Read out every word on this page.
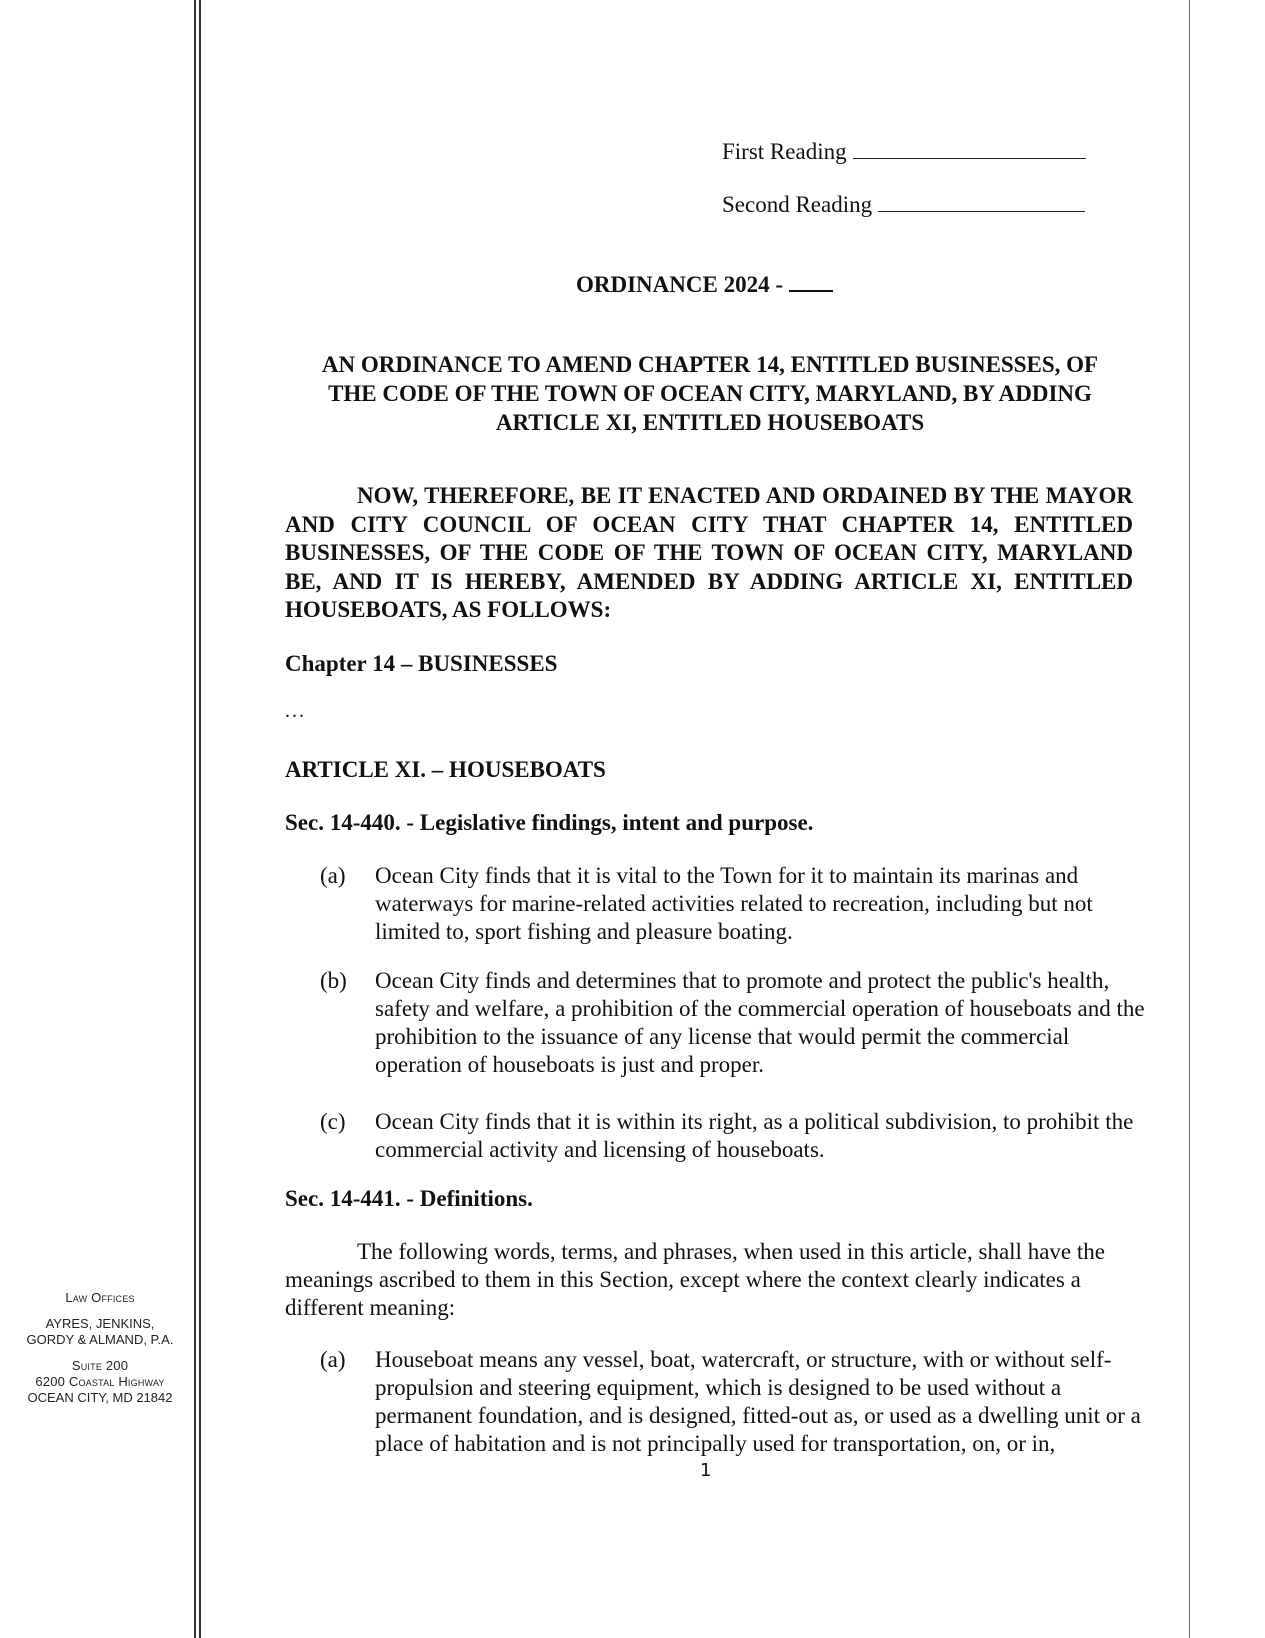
Law Offices
AYRES, JENKINS,
GORDY & ALMAND, P.A.
Suite 200
6200 Coastal Highway
OCEAN CITY, MD 21842
First Reading
Second Reading
ORDINANCE 2024 -
AN ORDINANCE TO AMEND CHAPTER 14, ENTITLED BUSINESSES, OF
THE CODE OF THE TOWN OF OCEAN CITY, MARYLAND, BY ADDING
ARTICLE XI, ENTITLED HOUSEBOATS
NOW, THEREFORE, BE IT ENACTED AND ORDAINED BY THE MAYOR AND CITY COUNCIL OF OCEAN CITY THAT CHAPTER 14, ENTITLED BUSINESSES, OF THE CODE OF THE TOWN OF OCEAN CITY, MARYLAND BE, AND IT IS HEREBY, AMENDED BY ADDING ARTICLE XI, ENTITLED HOUSEBOATS, AS FOLLOWS:
Chapter 14 – BUSINESSES
...
ARTICLE XI. – HOUSEBOATS
Sec. 14-440. - Legislative findings, intent and purpose.
(a) Ocean City finds that it is vital to the Town for it to maintain its marinas and waterways for marine-related activities related to recreation, including but not limited to, sport fishing and pleasure boating.
(b) Ocean City finds and determines that to promote and protect the public's health, safety and welfare, a prohibition of the commercial operation of houseboats and the prohibition to the issuance of any license that would permit the commercial operation of houseboats is just and proper.
(c) Ocean City finds that it is within its right, as a political subdivision, to prohibit the commercial activity and licensing of houseboats.
Sec. 14-441. - Definitions.
The following words, terms, and phrases, when used in this article, shall have the meanings ascribed to them in this Section, except where the context clearly indicates a different meaning:
(a) Houseboat means any vessel, boat, watercraft, or structure, with or without self-propulsion and steering equipment, which is designed to be used without a permanent foundation, and is designed, fitted-out as, or used as a dwelling unit or a place of habitation and is not principally used for transportation, on, or in,
1
